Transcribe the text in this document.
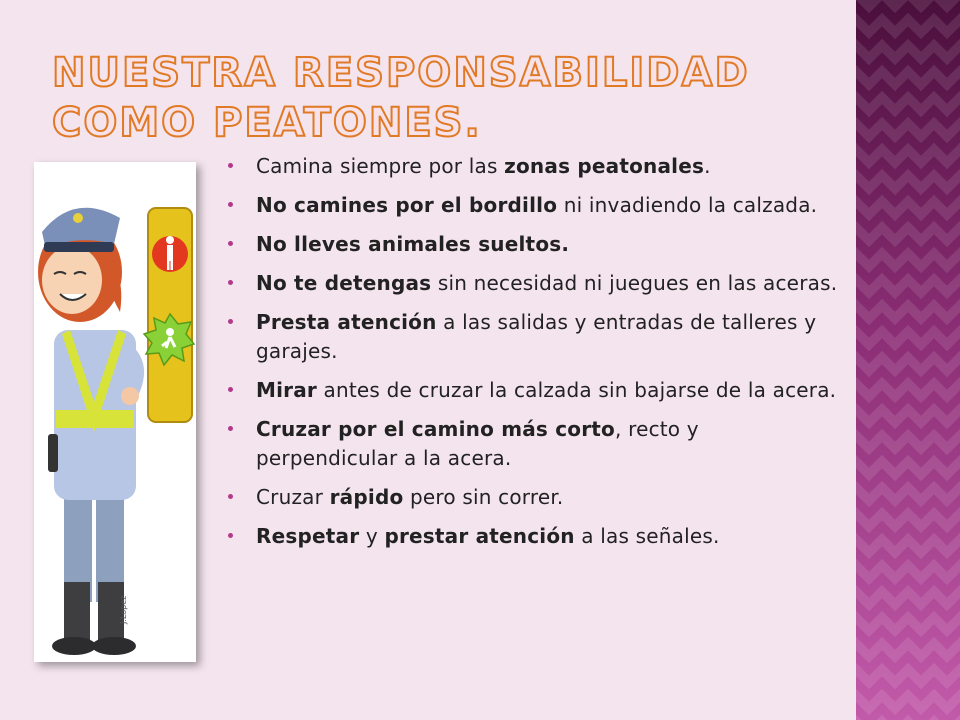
NUESTRA RESPONSABILIDAD COMO PEATONES.
J.Lopez
Camina siempre por las zonas peatonales.
No camines por el bordillo ni invadiendo la calzada.
No lleves animales sueltos.
No te detengas sin necesidad ni juegues en las aceras.
Presta atención a las salidas y entradas de talleres y garajes.
Mirar antes de cruzar la calzada sin bajarse de la acera.
Cruzar por el camino más corto, recto y perpendicular a la acera.
Cruzar rápido pero sin correr.
Respetar y prestar atención a las señales.
